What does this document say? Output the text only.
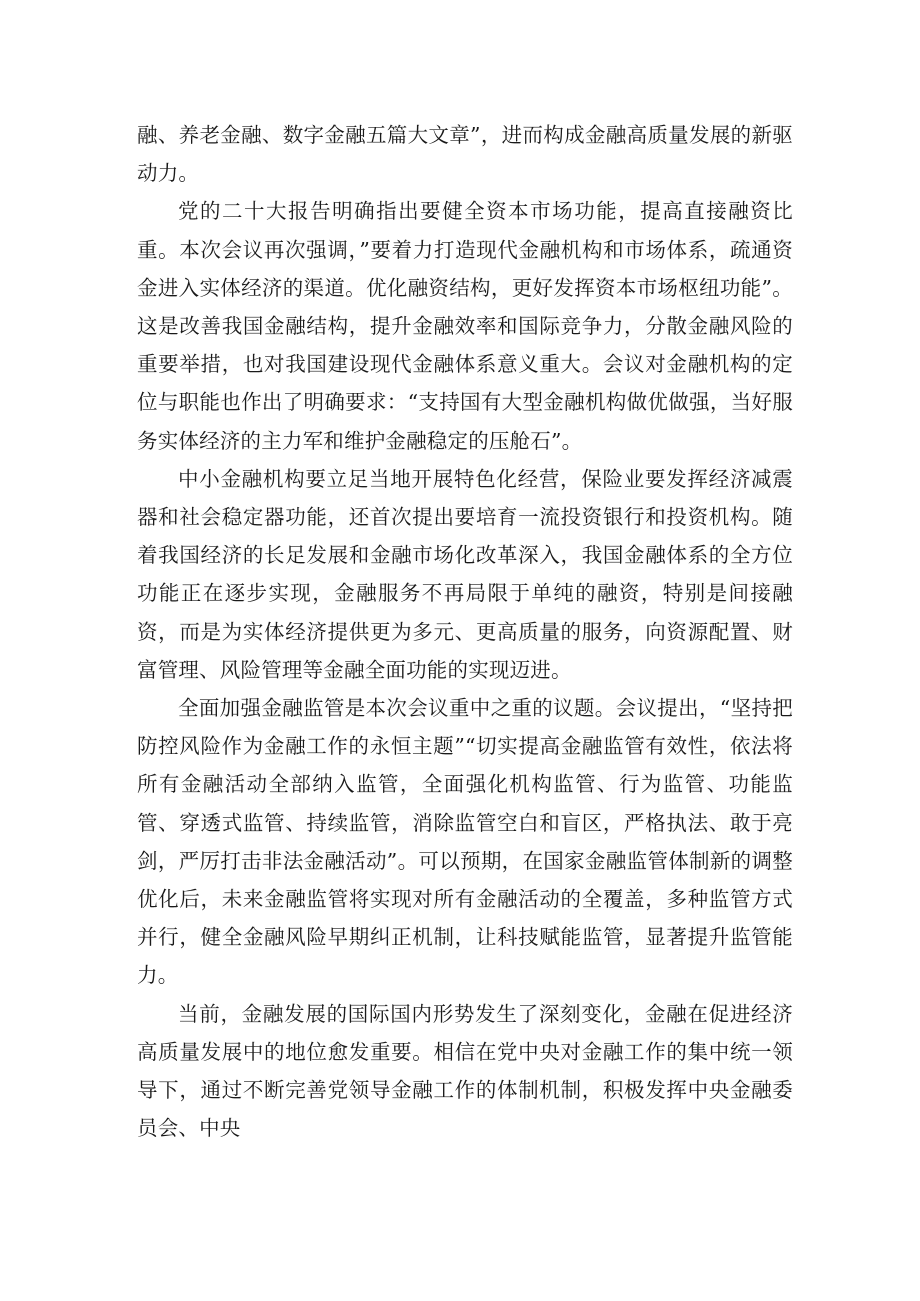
融、养老金融、数字金融五篇大文章”，进而构成金融高质量发展的新驱动力。

党的二十大报告明确指出要健全资本市场功能，提高直接融资比重。本次会议再次强调，”要着力打造现代金融机构和市场体系，疏通资金进入实体经济的渠道。优化融资结构，更好发挥资本市场枢纽功能”。这是改善我国金融结构，提升金融效率和国际竞争力，分散金融风险的重要举措，也对我国建设现代金融体系意义重大。会议对金融机构的定位与职能也作出了明确要求：“支持国有大型金融机构做优做强，当好服务实体经济的主力军和维护金融稳定的压舱石”。

中小金融机构要立足当地开展特色化经营，保险业要发挥经济减震器和社会稳定器功能，还首次提出要培育一流投资银行和投资机构。随着我国经济的长足发展和金融市场化改革深入，我国金融体系的全方位功能正在逐步实现，金融服务不再局限于单纯的融资，特别是间接融资，而是为实体经济提供更为多元、更高质量的服务，向资源配置、财富管理、风险管理等金融全面功能的实现迈进。

全面加强金融监管是本次会议重中之重的议题。会议提出，“坚持把防控风险作为金融工作的永恒主题”“切实提高金融监管有效性，依法将所有金融活动全部纳入监管，全面强化机构监管、行为监管、功能监管、穿透式监管、持续监管，消除监管空白和盲区，严格执法、敢于亮剑，严厉打击非法金融活动”。可以预期，在国家金融监管体制新的调整优化后，未来金融监管将实现对所有金融活动的全覆盖，多种监管方式并行，健全金融风险早期纠正机制，让科技赋能监管，显著提升监管能力。

当前，金融发展的国际国内形势发生了深刻变化，金融在促进经济高质量发展中的地位愈发重要。相信在党中央对金融工作的集中统一领导下，通过不断完善党领导金融工作的体制机制，积极发挥中央金融委员会、中央
